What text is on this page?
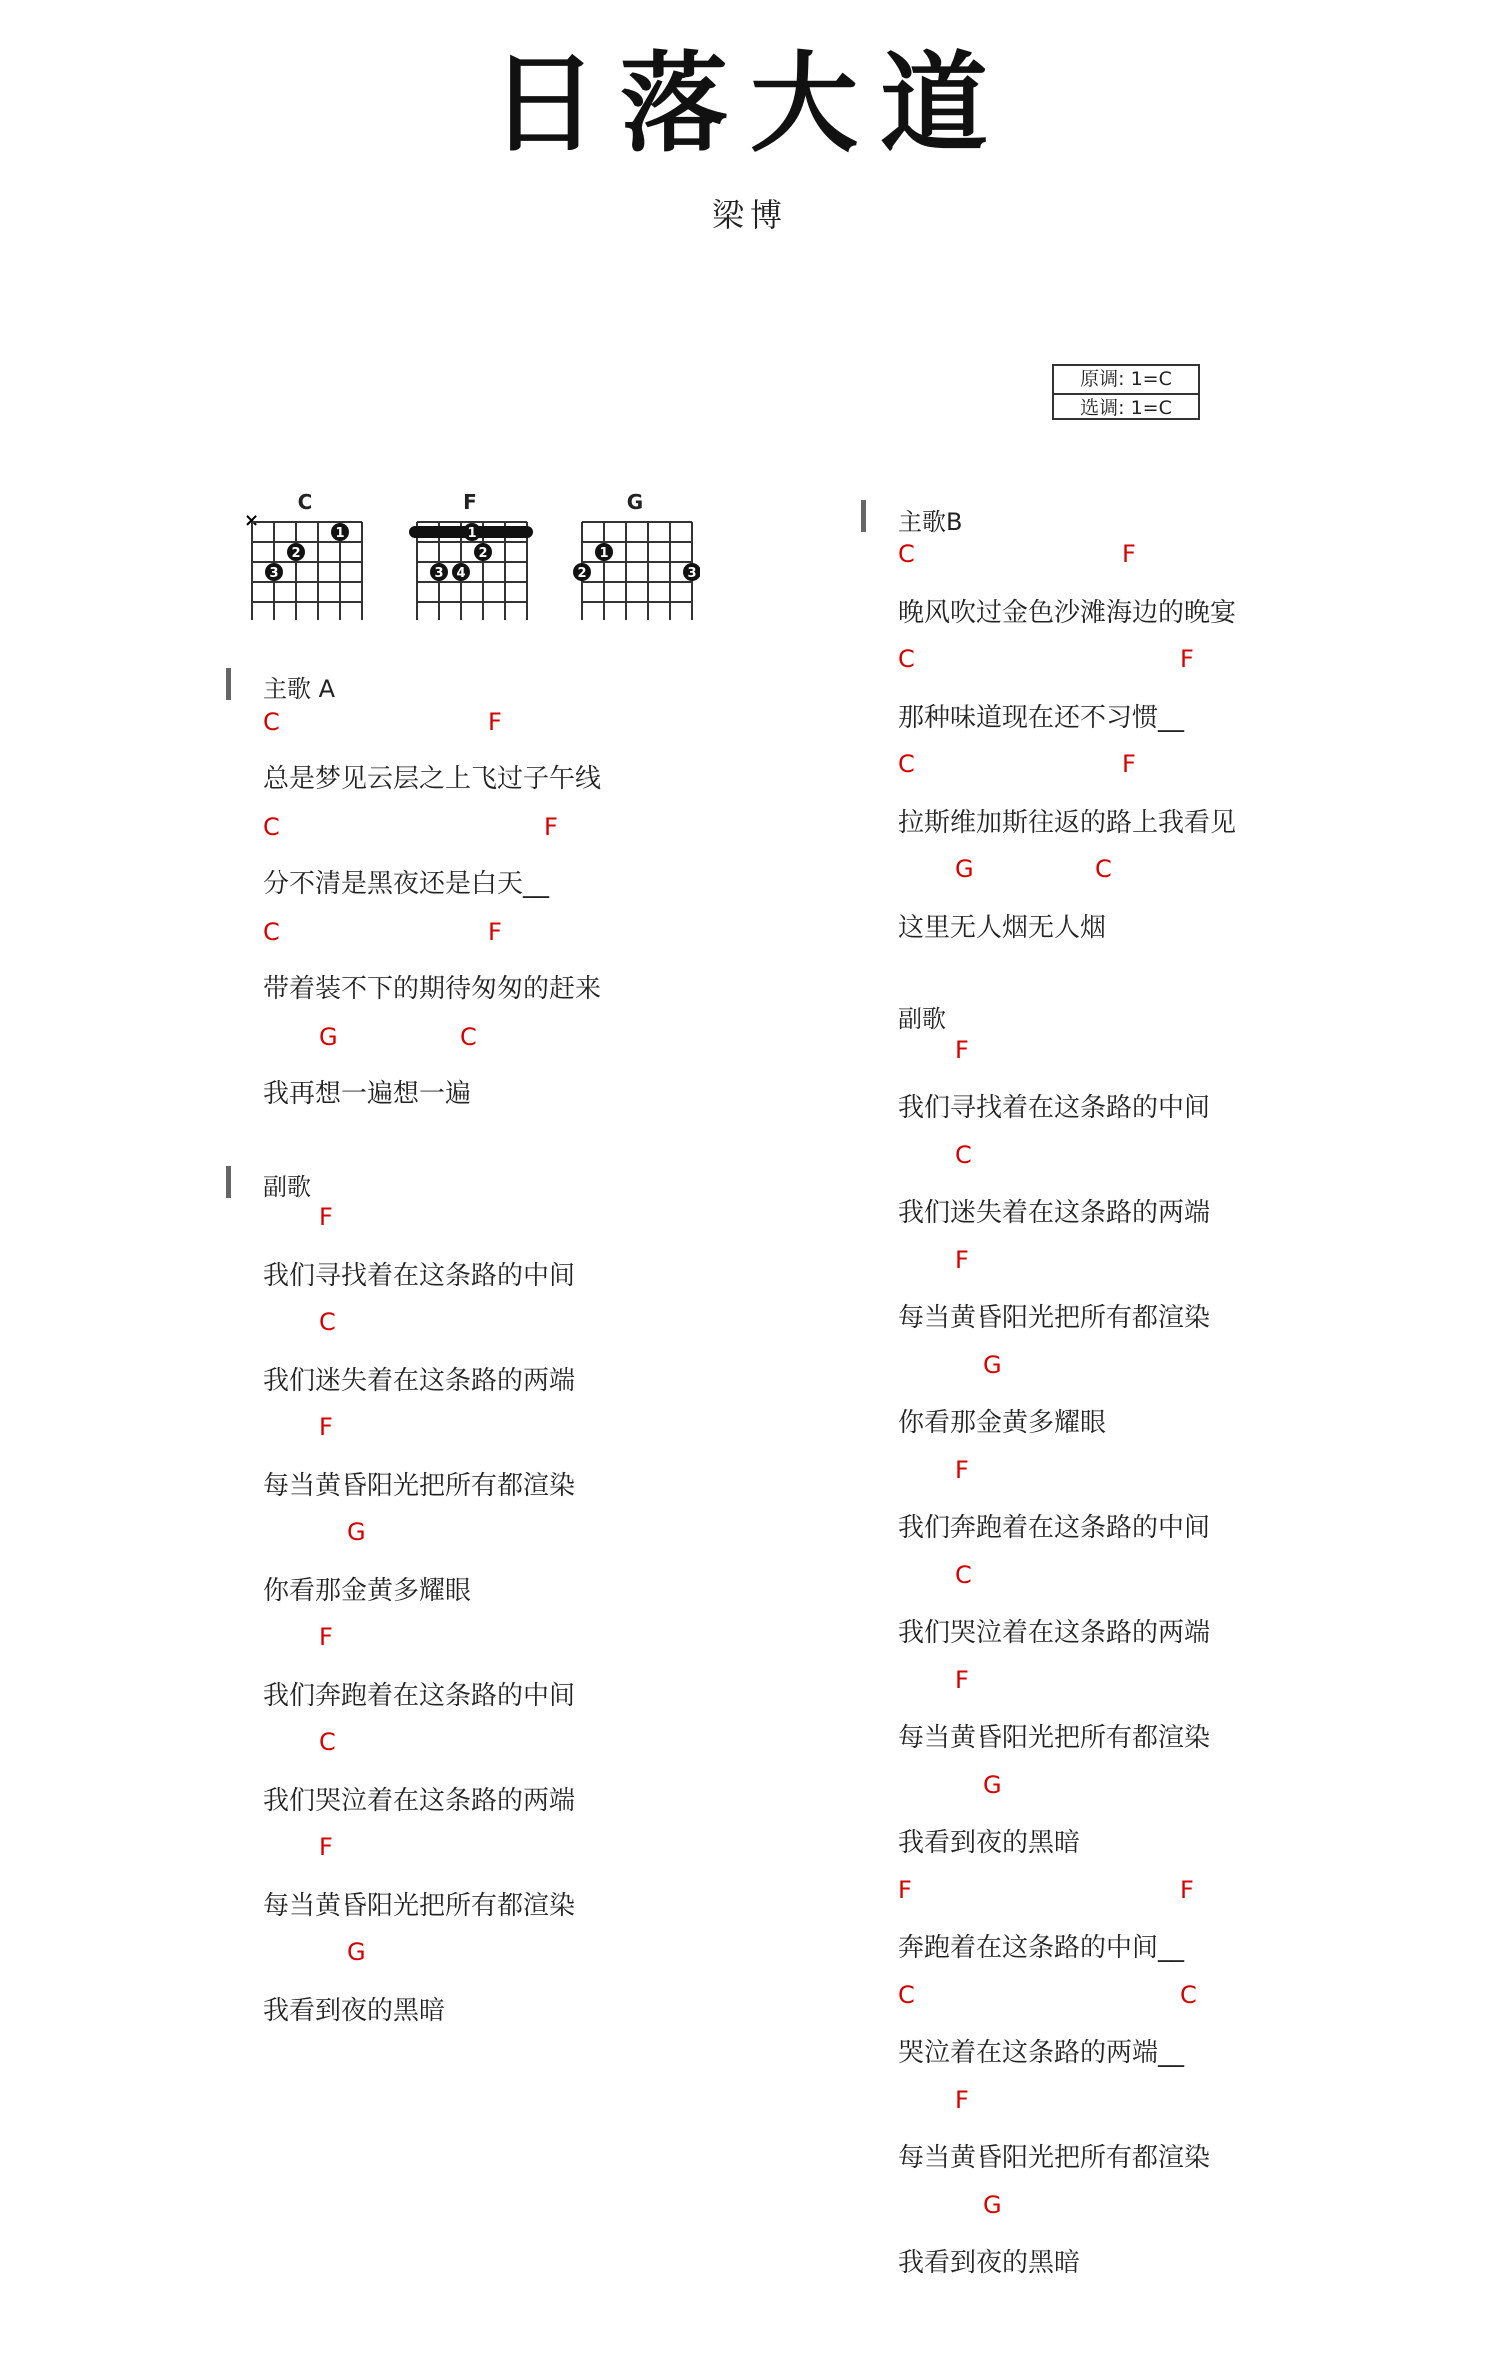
日落大道
梁博
原调: 1=C
选调: 1=C
C
×
1
2
3
F
1
2
3 4
G
1
2	3
主歌 A
C	F
总是梦见云层之上飞过子午线
C	F
分不清是黑夜还是白天__
C	F
带着装不下的期待匆匆的赶来
G	C
我再想一遍想一遍
副歌
F
我们寻找着在这条路的中间
C
我们迷失着在这条路的两端
F
每当黄昏阳光把所有都渲染
G
你看那金黄多耀眼
F
我们奔跑着在这条路的中间
C
我们哭泣着在这条路的两端
F
每当黄昏阳光把所有都渲染
G
我看到夜的黑暗
主歌B
C	F
晚风吹过金色沙滩海边的晚宴
C	F
那种味道现在还不习惯__
C	F
拉斯维加斯往返的路上我看见
G	C
这里无人烟无人烟
副歌
F
我们寻找着在这条路的中间
C
我们迷失着在这条路的两端
F
每当黄昏阳光把所有都渲染
G
你看那金黄多耀眼
F
我们奔跑着在这条路的中间
C
我们哭泣着在这条路的两端
F
每当黄昏阳光把所有都渲染
G
我看到夜的黑暗
F	F
奔跑着在这条路的中间__
C	C
哭泣着在这条路的两端__
F
每当黄昏阳光把所有都渲染
G
我看到夜的黑暗
